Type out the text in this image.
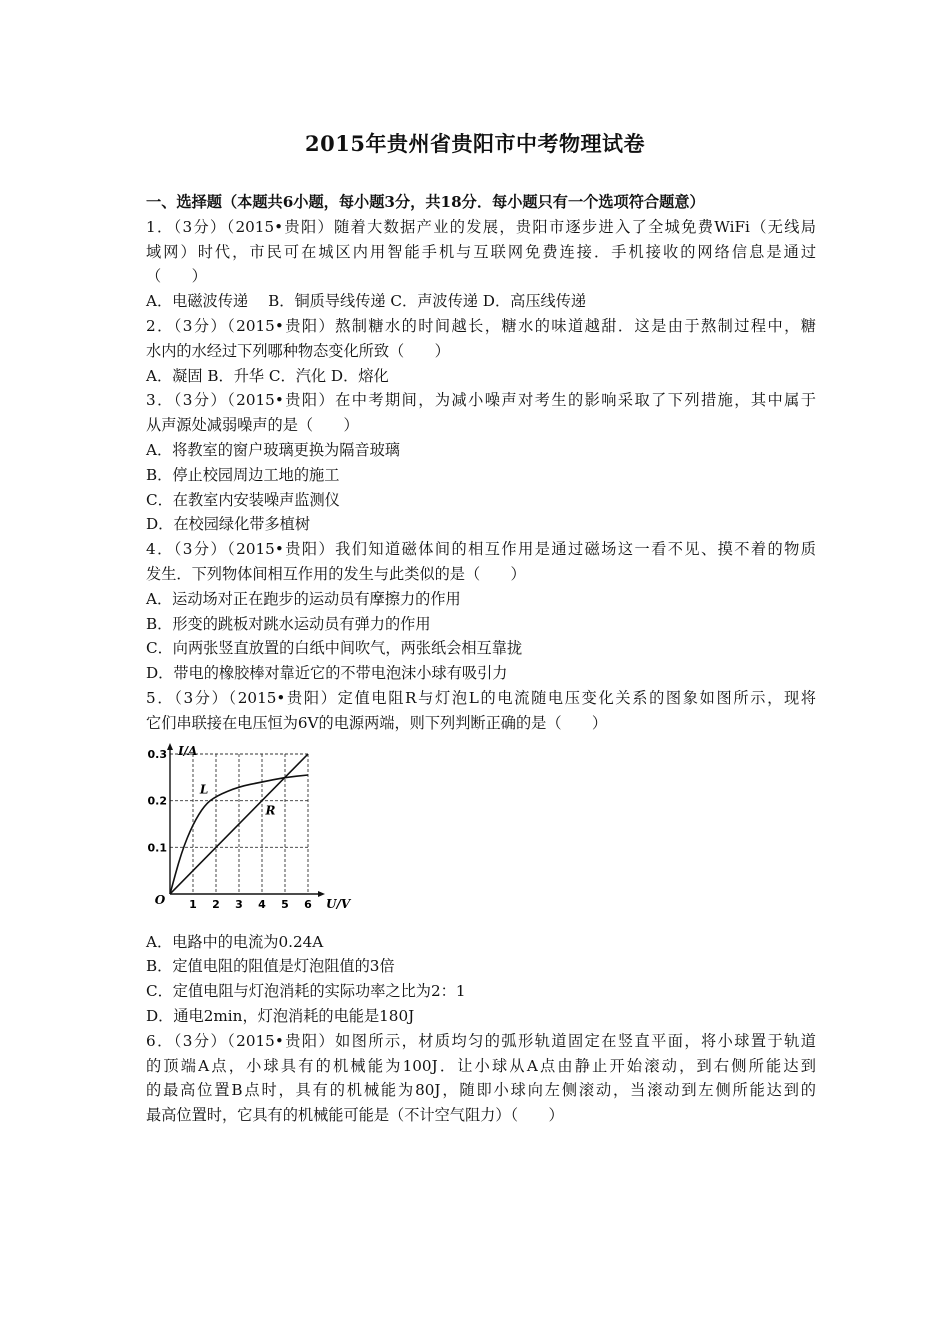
2015年贵州省贵阳市中考物理试卷
一、选择题（本题共6小题，每小题3分，共18分．每小题只有一个选项符合题意）
1．（3分）（2015•贵阳）随着大数据产业的发展，贵阳市逐步进入了全城免费WiFi（无线局
域网）时代，市民可在城区内用智能手机与互联网免费连接．手机接收的网络信息是通过
（　　）
A．电磁波传递　 B．铜质导线传递 C．声波传递 D．高压线传递
2．（3分）（2015•贵阳）熬制糖水的时间越长，糖水的味道越甜．这是由于熬制过程中，糖
水内的水经过下列哪种物态变化所致（　　）
A．凝固 B．升华 C．汽化 D．熔化
3．（3分）（2015•贵阳）在中考期间，为减小噪声对考生的影响采取了下列措施，其中属于
从声源处减弱噪声的是（　　）
A．将教室的窗户玻璃更换为隔音玻璃
B．停止校园周边工地的施工
C．在教室内安装噪声监测仪
D．在校园绿化带多植树
4．（3分）（2015•贵阳）我们知道磁体间的相互作用是通过磁场这一看不见、摸不着的物质
发生．下列物体间相互作用的发生与此类似的是（　　）
A．运动场对正在跑步的运动员有摩擦力的作用
B．形变的跳板对跳水运动员有弹力的作用
C．向两张竖直放置的白纸中间吹气，两张纸会相互靠拢
D．带电的橡胶棒对靠近它的不带电泡沫小球有吸引力
5．（3分）（2015•贵阳）定值电阻R与灯泡L的电流随电压变化关系的图象如图所示，现将
它们串联接在电压恒为6V的电源两端，则下列判断正确的是（　　）
1 2 3 4 5 6
0.1
0.2
0.3
O
I/A
U/V
L
R
A．电路中的电流为0.24A
B．定值电阻的阻值是灯泡阻值的3倍
C．定值电阻与灯泡消耗的实际功率之比为2：1
D．通电2min，灯泡消耗的电能是180J
6．（3分）（2015•贵阳）如图所示，材质均匀的弧形轨道固定在竖直平面，将小球置于轨道
的顶端A点，小球具有的机械能为100J．让小球从A点由静止开始滚动，到右侧所能达到
的最高位置B点时，具有的机械能为80J，随即小球向左侧滚动，当滚动到左侧所能达到的
最高位置时，它具有的机械能可能是（不计空气阻力）（　　）
